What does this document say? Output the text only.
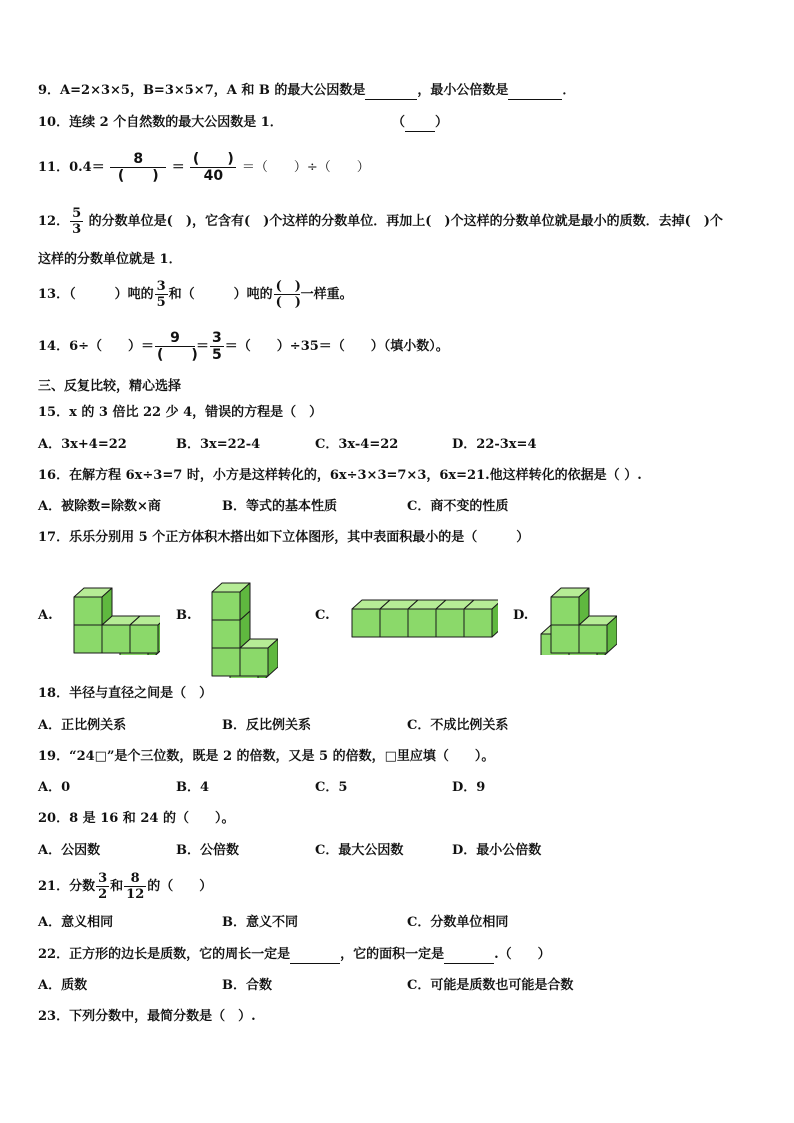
9．A=2×3×5，B=3×5×7，A 和 B 的最大公因数是	，最小公倍数是	．
10．连续 2 个自然数的最大公因数是 1．	（ ）
11．$0.4= \frac{8}{( )} = \frac{( )}{40}$ ＝（　　）÷（　　）
12． $\frac{5}{3}$ 的分数单位是(　)，它含有(　)个这样的分数单位．再加上(　)个这样的分数单位就是最小的质数．去掉(　)个
这样的分数单位就是 1．
13．（　　　）吨的 $\frac{3}{5}$ 和（　　　）吨的 $\frac{( )}{( )}$ 一样重。
14．6÷（　　）＝ $\frac{9}{( )} = \frac{3}{5}$ ＝（　　）÷35＝（　　）（填小数）。
三、反复比较，精心选择
15．x 的 3 倍比 22 少 4，错误的方程是（　）
A．3x+4=22	B．3x=22-4	C．3x-4=22	D．22-3x=4
16．在解方程 6x÷3=7 时，小方是这样转化的，6x÷3×3=7×3，6x=21.他这样转化的依据是（ ）.
A．被除数=除数×商	B．等式的基本性质	C．商不变的性质
17．乐乐分别用 5 个正方体积木搭出如下立体图形，其中表面积最小的是（　　　）
A.	B.	C.	D.
18．半径与直径之间是（　）
A．正比例关系	B．反比例关系	C．不成比例关系
19．“24□”是个三位数，既是 2 的倍数，又是 5 的倍数，□里应填（　　）。
A．0	B．4	C．5	D．9
20．8 是 16 和 24 的（　　）。
A．公因数	B．公倍数	C．最大公因数	D．最小公倍数
21．分数 $\frac{3}{2}$ 和 $\frac{8}{12}$ 的（　　）
A．意义相同	B．意义不同	C．分数单位相同
22．正方形的边长是质数，它的周长一定是	，它的面积一定是	.（　　）
A．质数	B．合数	C．可能是质数也可能是合数
23．下列分数中，最简分数是（　）.
